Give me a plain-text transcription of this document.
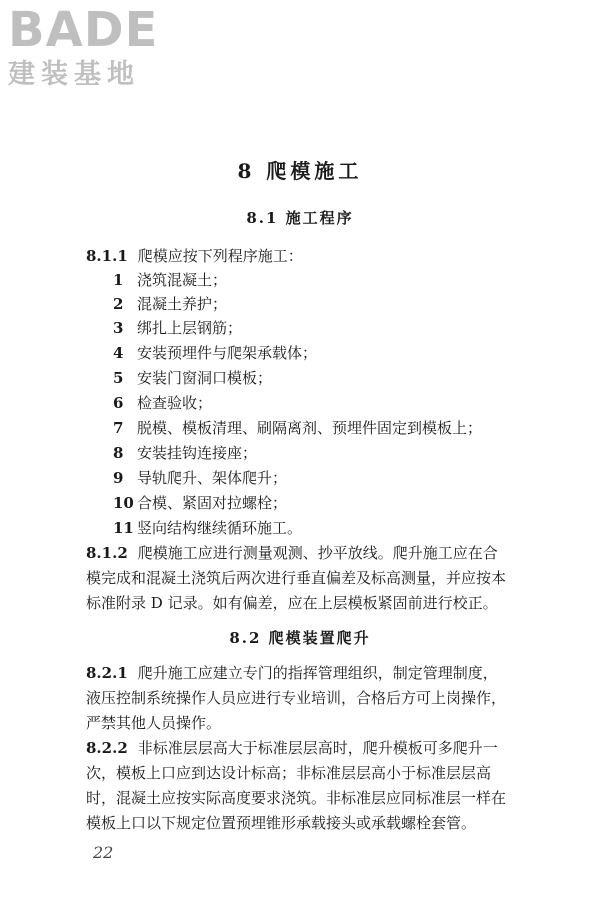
BADE
建装基地
8 爬模施工
8.1 施工程序
8.1.1 爬模应按下列程序施工：
1 浇筑混凝土；
2 混凝土养护；
3 绑扎上层钢筋；
4 安装预埋件与爬架承载体；
5 安装门窗洞口模板；
6 检查验收；
7 脱模、模板清理、刷隔离剂、预埋件固定到模板上；
8 安装挂钩连接座；
9 导轨爬升、架体爬升；
10 合模、紧固对拉螺栓；
11 竖向结构继续循环施工。
8.1.2 爬模施工应进行测量观测、抄平放线。爬升施工应在合
模完成和混凝土浇筑后两次进行垂直偏差及标高测量，并应按本
标准附录 D 记录。如有偏差，应在上层模板紧固前进行校正。
8.2 爬模装置爬升
8.2.1 爬升施工应建立专门的指挥管理组织，制定管理制度，
液压控制系统操作人员应进行专业培训，合格后方可上岗操作，
严禁其他人员操作。
8.2.2 非标准层层高大于标准层层高时，爬升模板可多爬升一
次，模板上口应到达设计标高；非标准层层高小于标准层层高
时，混凝土应按实际高度要求浇筑。非标准层应同标准层一样在
模板上口以下规定位置预埋锥形承载接头或承载螺栓套管。
22
